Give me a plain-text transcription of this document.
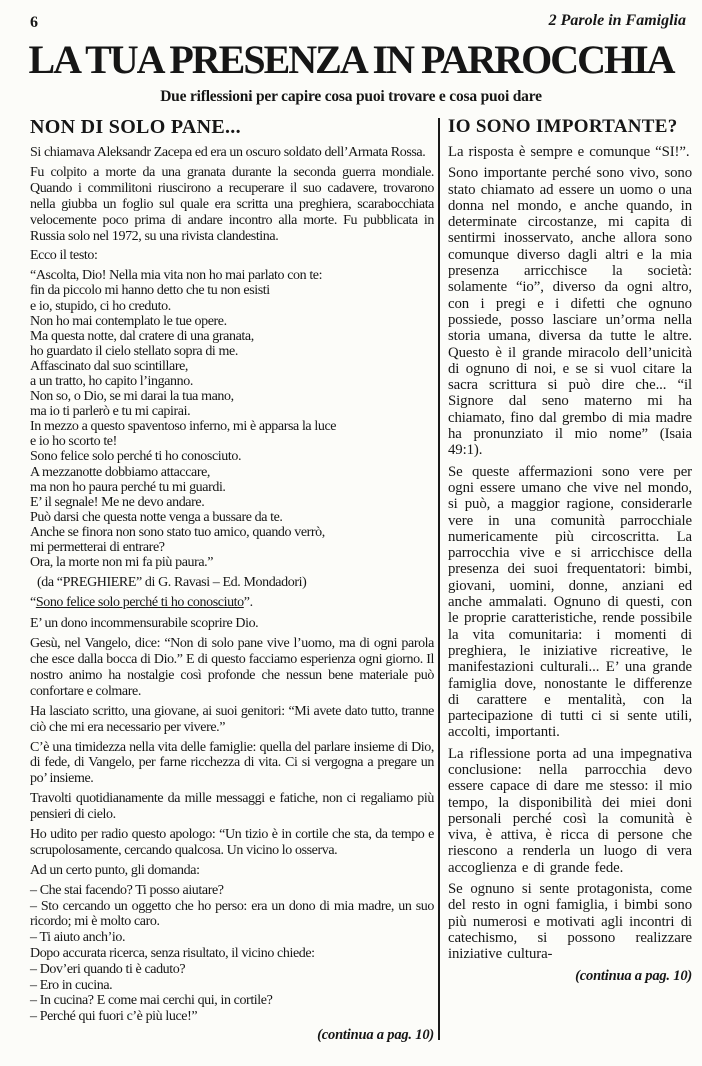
6	2 Parole in Famiglia
LA TUA PRESENZA IN PARROCCHIA
Due riflessioni per capire cosa puoi trovare e cosa puoi dare
NON DI SOLO PANE...

Si chiamava Aleksandr Zacepa ed era un oscuro soldato dell’Armata Rossa.

Fu colpito a morte da una granata durante la seconda guerra mondiale. Quando i commilitoni riuscirono a recuperare il suo cadavere, trovarono nella giubba un foglio sul quale era scritta una preghiera, scarabocchiata velocemente poco prima di andare incontro alla morte. Fu pubblicata in Russia solo nel 1972, su una rivista clandestina.

Ecco il testo:

“Ascolta, Dio! Nella mia vita non ho mai parlato con te:
fin da piccolo mi hanno detto che tu non esisti
e io, stupido, ci ho creduto.
Non ho mai contemplato le tue opere.
Ma questa notte, dal cratere di una granata,
ho guardato il cielo stellato sopra di me.
Affascinato dal suo scintillare,
a un tratto, ho capito l’inganno.
Non so, o Dio, se mi darai la tua mano,
ma io ti parlerò e tu mi capirai.
In mezzo a questo spaventoso inferno, mi è apparsa la luce
e io ho scorto te!
Sono felice solo perché ti ho conosciuto.
A mezzanotte dobbiamo attaccare,
ma non ho paura perché tu mi guardi.
E’ il segnale! Me ne devo andare.
Può darsi che questa notte venga a bussare da te.
Anche se finora non sono stato tuo amico, quando verrò,
mi permetterai di entrare?
Ora, la morte non mi fa più paura.”
(da “PREGHIERE” di G. Ravasi – Ed. Mondadori)
“Sono felice solo perché ti ho conosciuto”.

E’ un dono incommensurabile scoprire Dio.

Gesù, nel Vangelo, dice: “Non di solo pane vive l’uomo, ma di ogni parola che esce dalla bocca di Dio.” E di questo facciamo esperienza ogni giorno. Il nostro animo ha nostalgie così profonde che nessun bene materiale può confortare e colmare.

Ha lasciato scritto, una giovane, ai suoi genitori: “Mi avete dato tutto, tranne ciò che mi era necessario per vivere.”

C’è una timidezza nella vita delle famiglie: quella del parlare insieme di Dio, di fede, di Vangelo, per farne ricchezza di vita. Ci si vergogna a pregare un po’ insieme.

Travolti quotidianamente da mille messaggi e fatiche, non ci regaliamo più pensieri di cielo.

Ho udito per radio questo apologo: “Un tizio è in cortile che sta, da tempo e scrupolosamente, cercando qualcosa. Un vicino lo osserva.

Ad un certo punto, gli domanda:

– Che stai facendo? Ti posso aiutare?
– Sto cercando un oggetto che ho perso: era un dono di mia madre, un suo ricordo; mi è molto caro.
– Ti aiuto anch’io.
Dopo accurata ricerca, senza risultato, il vicino chiede:
– Dov’eri quando ti è caduto?
– Ero in cucina.
– In cucina? E come mai cerchi qui, in cortile?
– Perché qui fuori c’è più luce!”
(continua a pag. 10)
IO SONO IMPORTANTE?

La risposta è sempre e comunque “SI!”.

Sono importante perché sono vivo, sono stato chiamato ad essere un uomo o una donna nel mondo, e anche quando, in determinate circostanze, mi capita di sentirmi inosservato, anche allora sono comunque diverso dagli altri e la mia presenza arricchisce la società: solamente “io”, diverso da ogni altro, con i pregi e i difetti che ognuno possiede, posso lasciare un’orma nella storia umana, diversa da tutte le altre. Questo è il grande miracolo dell’unicità di ognuno di noi, e se si vuol citare la sacra scrittura si può dire che... “il Signore dal seno materno mi ha chiamato, fino dal grembo di mia madre ha pronunziato il mio nome” (Isaia 49:1).

Se queste affermazioni sono vere per ogni essere umano che vive nel mondo, si può, a maggior ragione, considerarle vere in una comunità parrocchiale numericamente più circoscritta. La parrocchia vive e si arricchisce della presenza dei suoi frequentatori: bimbi, giovani, uomini, donne, anziani ed anche ammalati. Ognuno di questi, con le proprie caratteristiche, rende possibile la vita comunitaria: i momenti di preghiera, le iniziative ricreative, le manifestazioni culturali... E’ una grande famiglia dove, nonostante le differenze di carattere e mentalità, con la partecipazione di tutti ci si sente utili, accolti, importanti.

La riflessione porta ad una impegnativa conclusione: nella parrocchia devo essere capace di dare me stesso: il mio tempo, la disponibilità dei miei doni personali perché così la comunità è viva, è attiva, è ricca di persone che riescono a renderla un luogo di vera accoglienza e di grande fede.

Se ognuno si sente protagonista, come del resto in ogni famiglia, i bimbi sono più numerosi e motivati agli incontri di catechismo, si possono realizzare iniziative cultura-

(continua a pag. 10)
